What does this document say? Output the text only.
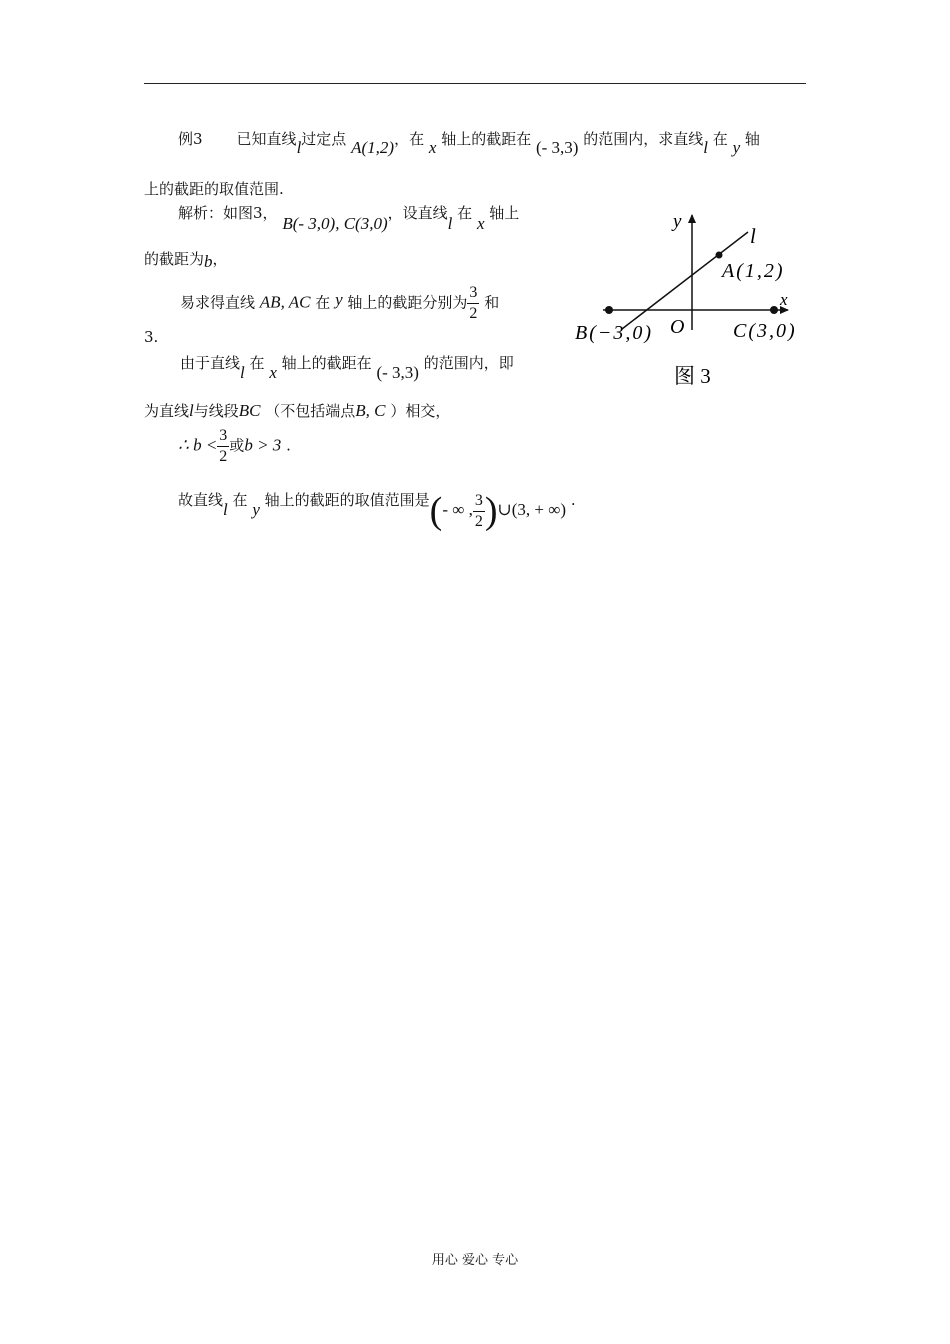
例3 已知直线l过定点 A(1,2)，在 x 轴上的截距在 (- 3,3) 的范围内，求直线l 在 y 轴
上的截距的取值范围.
解析：如图3， B(- 3,0), C(3,0)，设直线l 在 x 轴上
的截距为b，
易求得直线 AB, AC 在 y 轴上的截距分别为 $\frac{3}{2}$ 和
3.
由于直线l 在 x 轴上的截距在 (- 3,3) 的范围内，即
为直线l与线段BC （不包括端点B, C ）相交，
∴ $b < \frac{3}{2}$ 或b > 3 .
故直线l 在 y 轴上的截距的取值范围是(- ∞ , $\frac{3}{2}$ )∪(3, + ∞) .
y
x
l
A(1,2)
B(−3,0) O C(3,0)
图 3
用心 爱心 专心
